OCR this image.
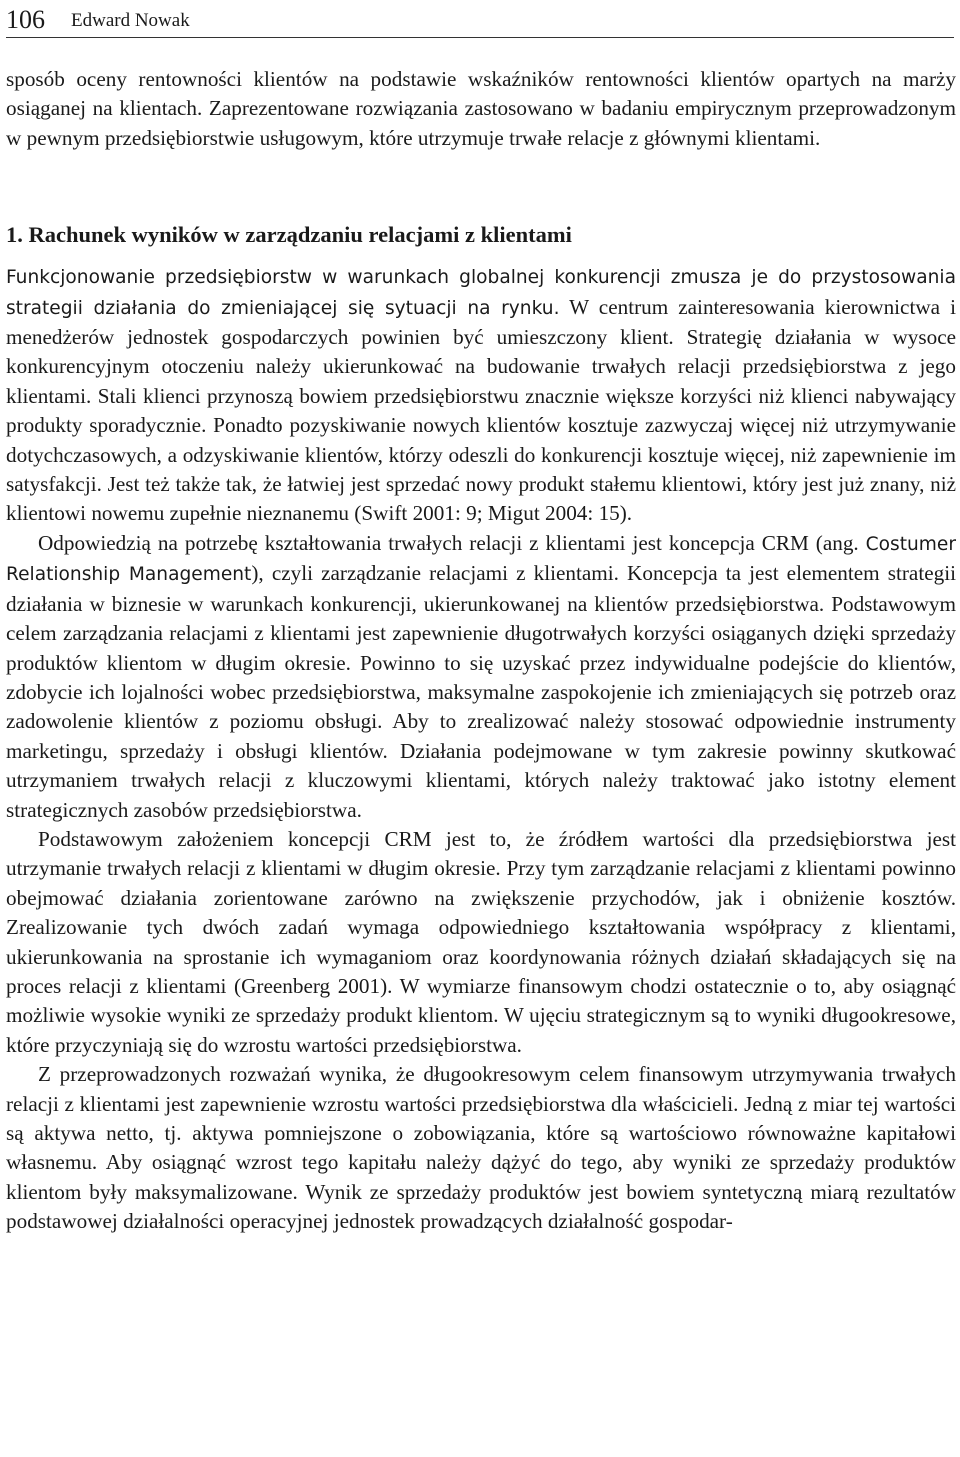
106 Edward Nowak

sposób oceny rentowności klientów na podstawie wskaźników rentowności klientów opartych na marży osiąganej na klientach. Zaprezentowane rozwiązania zastosowano w badaniu empirycznym przeprowadzonym w pewnym przedsiębiorstwie usługowym, które utrzymuje trwałe relacje z głównymi klientami.

1. Rachunek wyników w zarządzaniu relacjami z klientami

Funkcjonowanie przedsiębiorstw w warunkach globalnej konkurencji zmusza je do przystosowania strategii działania do zmieniającej się sytuacji na rynku. W centrum zainteresowania kierownictwa i menedżerów jednostek gospodarczych powinien być umieszczony klient. Strategię działania w wysoce konkurencyjnym otoczeniu należy ukierunkować na budowanie trwałych relacji przedsiębiorstwa z jego klientami. Stali klienci przynoszą bowiem przedsiębiorstwu znacznie większe korzyści niż klienci nabywający produkty sporadycznie. Ponadto pozyskiwanie nowych klientów kosztuje zazwyczaj więcej niż utrzymywanie dotychczasowych, a odzyskiwanie klientów, którzy odeszli do konkurencji kosztuje więcej, niż zapewnienie im satysfakcji. Jest też także tak, że łatwiej jest sprzedać nowy produkt stałemu klientowi, który jest już znany, niż klientowi nowemu zupełnie nieznanemu (Swift 2001: 9; Migut 2004: 15).

Odpowiedzią na potrzebę kształtowania trwałych relacji z klientami jest koncepcja CRM (ang. Costumer Relationship Management), czyli zarządzanie relacjami z klientami. Koncepcja ta jest elementem strategii działania w biznesie w warunkach konkurencji, ukierunkowanej na klientów przedsiębiorstwa. Podstawowym celem zarządzania relacjami z klientami jest zapewnienie długotrwałych korzyści osiąganych dzięki sprzedaży produktów klientom w długim okresie. Powinno to się uzyskać przez indywidualne podejście do klientów, zdobycie ich lojalności wobec przedsiębiorstwa, maksymalne zaspokojenie ich zmieniających się potrzeb oraz zadowolenie klientów z poziomu obsługi. Aby to zrealizować należy stosować odpowiednie instrumenty marketingu, sprzedaży i obsługi klientów. Działania podejmowane w tym zakresie powinny skutkować utrzymaniem trwałych relacji z kluczowymi klientami, których należy traktować jako istotny element strategicznych zasobów przedsiębiorstwa.

Podstawowym założeniem koncepcji CRM jest to, że źródłem wartości dla przedsiębiorstwa jest utrzymanie trwałych relacji z klientami w długim okresie. Przy tym zarządzanie relacjami z klientami powinno obejmować działania zorientowane zarówno na zwiększenie przychodów, jak i obniżenie kosztów. Zrealizowanie tych dwóch zadań wymaga odpowiedniego kształtowania współpracy z klientami, ukierunkowania na sprostanie ich wymaganiom oraz koordynowania różnych działań składających się na proces relacji z klientami (Greenberg 2001). W wymiarze finansowym chodzi ostatecznie o to, aby osiągnąć możliwie wysokie wyniki ze sprzedaży produkt klientom. W ujęciu strategicznym są to wyniki długookresowe, które przyczyniają się do wzrostu wartości przedsiębiorstwa.

Z przeprowadzonych rozważań wynika, że długookresowym celem finansowym utrzymywania trwałych relacji z klientami jest zapewnienie wzrostu wartości przedsiębiorstwa dla właścicieli. Jedną z miar tej wartości są aktywa netto, tj. aktywa pomniejszone o zobowiązania, które są wartościowo równoważne kapitałowi własnemu. Aby osiągnąć wzrost tego kapitału należy dążyć do tego, aby wyniki ze sprzedaży produktów klientom były maksymalizowane. Wynik ze sprzedaży produktów jest bowiem syntetyczną miarą rezultatów podstawowej działalności operacyjnej jednostek prowadzących działalność gospodar-
